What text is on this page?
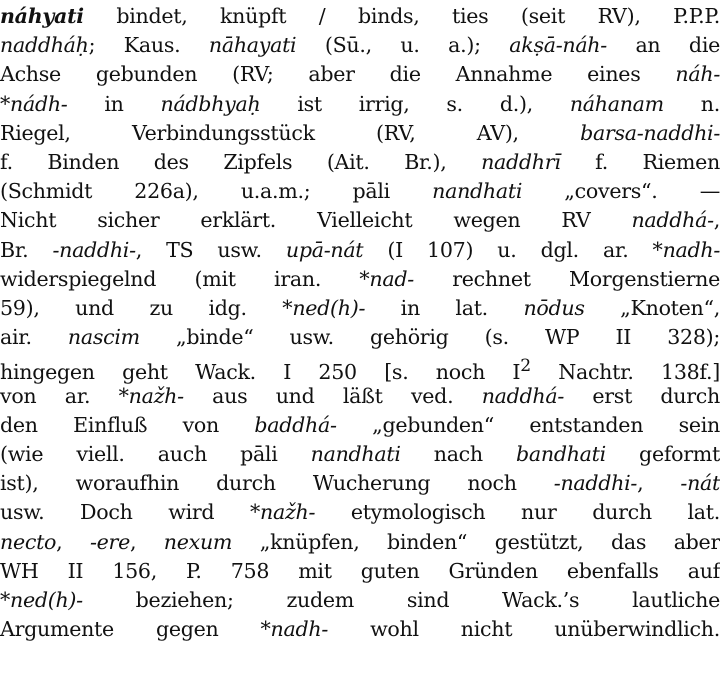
náhyati bindet, knüpft / binds, ties (seit RV), P.P.P.
naddháḥ; Kaus. nāhayati (Sū., u. a.); akṣā-náh- an die
Achse gebunden (RV; aber die Annahme eines náh-
*nádh- in nádbhyaḥ ist irrig, s. d.), náhanam n.
Riegel, Verbindungsstück (RV, AV), barsa-naddhi-
f. Binden des Zipfels (Ait. Br.), naddhrī f. Riemen
(Schmidt 226a), u.a.m.; pāli nandhati „covers“. —
Nicht sicher erklärt. Vielleicht wegen RV naddhá-,
Br. -naddhi-, TS usw. upā-nát (I 107) u. dgl. ar. *nadh-
widerspiegelnd (mit iran. *nad- rechnet Morgenstierne
59), und zu idg. *ned(h)- in lat. nōdus „Knoten“,
air. nascim „binde“ usw. gehörig (s. WP II 328);
hingegen geht Wack. I 250 [s. noch $I^2$ Nachtr. 138f.]
von ar. *nažh- aus und läßt ved. naddhá- erst durch
den Einfluß von baddhá- „gebunden“ entstanden sein
(wie viell. auch pāli nandhati nach bandhati geformt
ist), woraufhin durch Wucherung noch -naddhi-, -nát
usw. Doch wird *nažh- etymologisch nur durch lat.
necto, -ere, nexum „knüpfen, binden“ gestützt, das aber
WH II 156, P. 758 mit guten Gründen ebenfalls auf
*ned(h)- beziehen; zudem sind Wack.’s lautliche
Argumente gegen *nadh- wohl nicht unüberwindlich.
